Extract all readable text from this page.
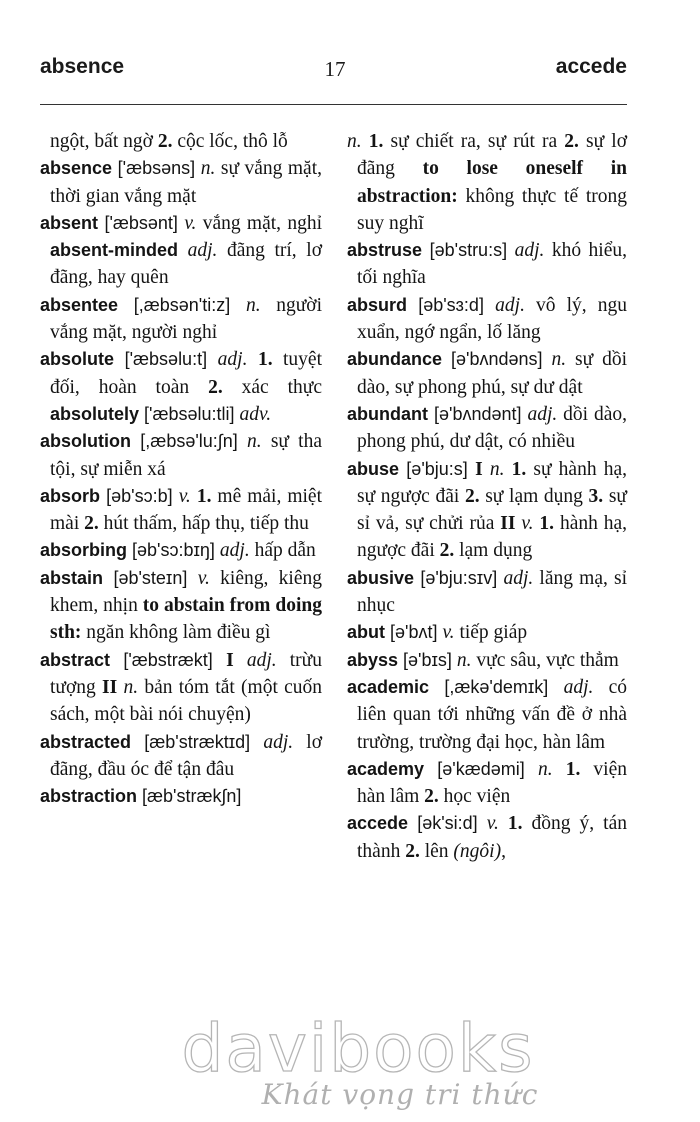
absence	17	accede

ngột, bất ngờ 2. cộc lốc, thô lỗ

absence ['æbsəns] n. sự vắng mặt, thời gian vắng mặt

absent ['æbsənt] v. vắng mặt, nghỉ absent-minded adj. đãng trí, lơ đãng, hay quên

absentee [,æbsən'ti:z] n. người vắng mặt, người nghỉ

absolute ['æbsəlu:t] adj. 1. tuyệt đối, hoàn toàn 2. xác thực absolutely ['æbsəlu:tli] adv.

absolution [,æbsə'lu:∫n] n. sự tha tội, sự miễn xá

absorb [əb'sɔ:b] v. 1. mê mải, miệt mài 2. hút thấm, hấp thụ, tiếp thu

absorbing [əb'sɔ:bɪŋ] adj. hấp dẫn

abstain [əb'steɪn] v. kiêng, kiêng khem, nhịn to abstain from doing sth: ngăn không làm điều gì

abstract ['æbstrækt] I adj. trừu tượng II n. bản tóm tắt (một cuốn sách, một bài nói chuyện)

abstracted [æb'stræktɪd] adj. lơ đãng, đầu óc để tận đâu

abstraction [æb'stræk∫n]

n. 1. sự chiết ra, sự rút ra 2. sự lơ đãng to lose oneself in abstraction: không thực tế trong suy nghĩ

abstruse [əb'stru:s] adj. khó hiểu, tối nghĩa

absurd [əb'sɜ:d] adj. vô lý, ngu xuẩn, ngớ ngẩn, lố lăng

abundance [ə'bʌndəns] n. sự dồi dào, sự phong phú, sự dư dật

abundant [ə'bʌndənt] adj. dồi dào, phong phú, dư dật, có nhiều

abuse [ə'bju:s] I n. 1. sự hành hạ, sự ngược đãi 2. sự lạm dụng 3. sự sỉ vả, sự chửi rủa II v. 1. hành hạ, ngược đãi 2. lạm dụng

abusive [ə'bju:sɪv] adj. lăng mạ, sỉ nhục

abut [ə'bʌt] v. tiếp giáp

abyss [ə'bɪs] n. vực sâu, vực thẳm

academic [,ækə'demɪk] adj. có liên quan tới những vấn đề ở nhà trường, trường đại học, hàn lâm

academy [ə'kædəmi] n. 1. viện hàn lâm 2. học viện

accede [ək'si:d] v. 1. đồng ý, tán thành 2. lên (ngôi),

davibooks
Khát vọng tri thức
